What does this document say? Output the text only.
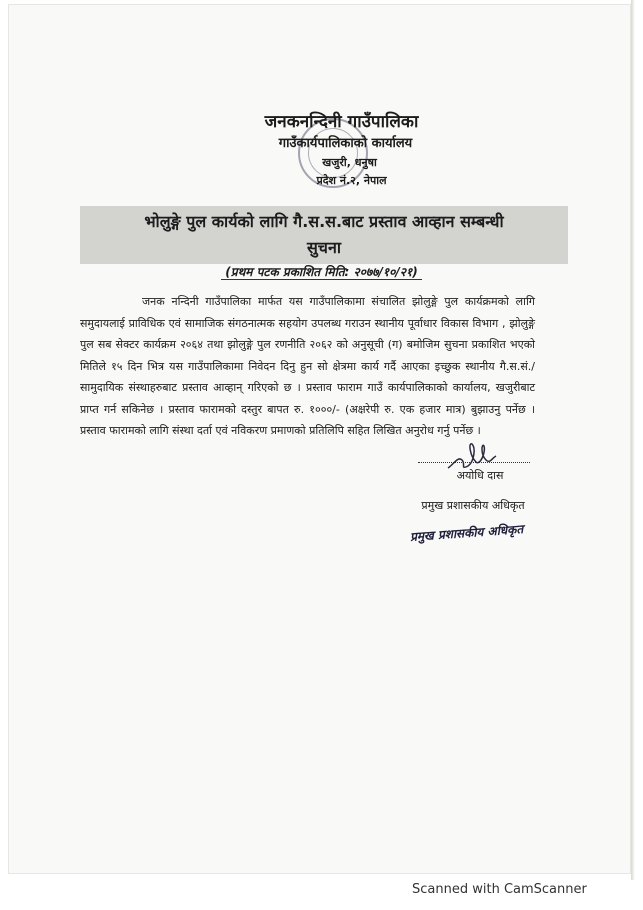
जनकनन्दिनी गाउँपालिका
गाउँकार्यपालिकाको कार्यालय
खजुरी, धनुषा
प्रदेश नं.२, नेपाल
भोलुङ्गे पुल कार्यको लागि गै.स.स.बाट प्रस्ताव आव्हान सम्बन्धी
सुचना
(प्रथम पटक प्रकाशित मिति: २०७७/१०/२१)
जनक नन्दिनी गाउँपालिका मार्फत यस गाउँपालिकामा संचालित झोलुङ्गे पुल कार्यक्रमको लागि समुदायलाई प्राविधिक एवं सामाजिक संगठनात्मक सहयोग उपलब्ध गराउन स्थानीय पूर्वाधार विकास विभाग , झोलुङ्गे पुल सब सेक्टर कार्यक्रम २०६४ तथा झोलुङ्गे पुल रणनीति २०६२ को अनुसूची (ग) बमोजिम सुचना प्रकाशित भएको मितिले १५ दिन भित्र यस गाउँपालिकामा निवेदन दिनु हुन सो क्षेत्रमा कार्य गर्दै आएका इच्छुक स्थानीय गै.स.सं./सामुदायिक संस्थाहरुबाट प्रस्ताव आव्हान् गरिएको छ । प्रस्ताव फाराम गाउँ कार्यपालिकाको कार्यालय, खजुरीबाट प्राप्त गर्न सकिनेछ । प्रस्ताव फारामको दस्तुर बापत रु. १०००/- (अक्षरेपी रु. एक हजार मात्र) बुझाउनु पर्नेछ । प्रस्ताव फारामको लागि संस्था दर्ता एवं नविकरण प्रमाणको प्रतिलिपि सहित लिखित अनुरोध गर्नु पर्नेछ ।
अयोधि दास
प्रमुख प्रशासकीय अधिकृत
प्रमुख प्रशासकीय अधिकृत
Scanned with CamScanner
